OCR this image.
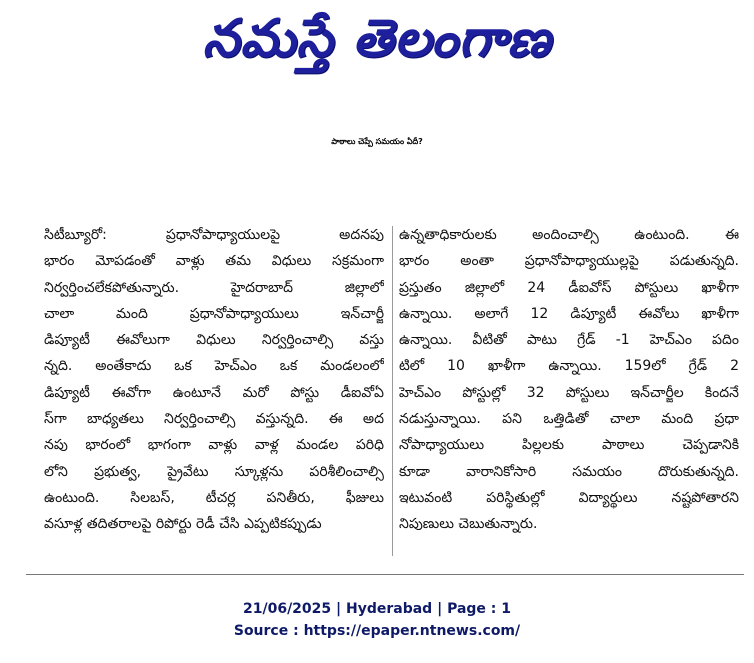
నమస్తే తెలంగాణ
పాఠాలు చెప్పే సమయం ఏదీ?
సిటీబ్యూరో: ప్రధానోపాధ్యాయులపై అదనపు
భారం మోపడంతో వాళ్లు తమ విధులు సక్రమంగా
నిర్వర్తించలేకపోతున్నారు. హైదరాబాద్ జిల్లాలో
చాలా మంది ప్రధానోపాధ్యాయులు ఇన్‌చార్జీ
డిప్యూటీ ఈవోలుగా విధులు నిర్వర్తించాల్సి వస్తు
న్నది. అంతేకాదు ఒక హెచ్‌ఎం ఒక మండలంలో
డిప్యూటీ ఈవోగా ఉంటూనే మరో పోస్టు డీఐవోఏ
స్‌గా బాధ్యతలు నిర్వర్తించాల్సి వస్తున్నది. ఈ అద
నపు భారంలో భాగంగా వాళ్లు వాళ్ల మండల పరిధి
లోని ప్రభుత్వ, ప్రైవేటు స్కూళ్లను పరిశీలించాల్సి
ఉంటుంది. సిలబస్, టీచర్ల పనితీరు, ఫీజులు
వసూళ్ల తదితరాలపై రిపోర్టు రెడీ చేసి ఎప్పటికప్పుడు
ఉన్నతాధికారులకు అందించాల్సి ఉంటుంది. ఈ
భారం అంతా ప్రధానోపాధ్యాయుల్లపై పడుతున్నది.
ప్రస్తుతం జిల్లాలో 24 డీఐవోస్ పోస్టులు ఖాళీగా
ఉన్నాయి. అలాగే 12 డిప్యూటీ ఈవోలు ఖాళీగా
ఉన్నాయి. వీటితో పాటు గ్రేడ్ -1 హెచ్‌ఎం పదిం
టిలో 10 ఖాళీగా ఉన్నాయి. 159లో గ్రేడ్ 2
హెచ్‌ఎం పోస్టుల్లో 32 పోస్టులు ఇన్‌చార్జీల కిందనే
నడుస్తున్నాయి. పని ఒత్తిడితో చాలా మంది ప్రధా
నోపాధ్యాయులు పిల్లలకు పాఠాలు చెప్పడానికి
కూడా వారానికోసారి సమయం దొరుకుతున్నది.
ఇటువంటి పరిస్థితుల్లో విద్యార్థులు నష్టపోతారని
నిపుణులు చెబుతున్నారు.
21/06/2025 | Hyderabad | Page : 1
Source : https://epaper.ntnews.com/
